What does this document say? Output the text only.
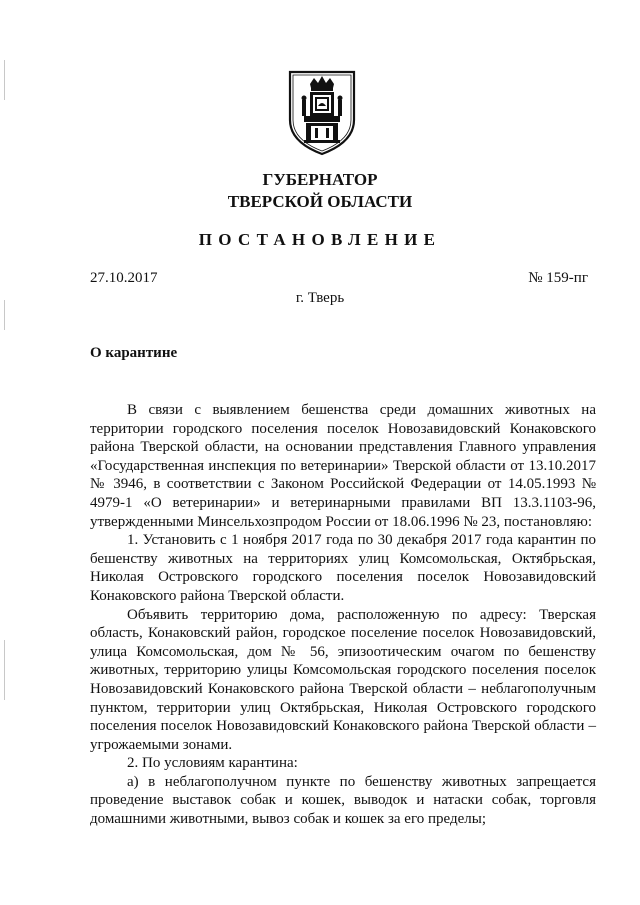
ГУБЕРНАТОР
ТВЕРСКОЙ ОБЛАСТИ
ПОСТАНОВЛЕНИЕ
27.10.2017	№ 159-пг
г. Тверь
О карантине

В связи с выявлением бешенства среди домашних животных на территории городского поселения поселок Новозавидовский Конаковского района Тверской области, на основании представления Главного управления «Государственная инспекция по ветеринарии» Тверской области от 13.10.2017 № 3946, в соответствии с Законом Российской Федерации от 14.05.1993 № 4979-1 «О ветеринарии» и ветеринарными правилами ВП 13.3.1103-96, утвержденными Минсельхозпродом России от 18.06.1996 № 23, постановляю:

1. Установить с 1 ноября 2017 года по 30 декабря 2017 года карантин по бешенству животных на территориях улиц Комсомольская, Октябрьская, Николая Островского городского поселения поселок Новозавидовский Конаковского района Тверской области.

Объявить территорию дома, расположенную по адресу: Тверская область, Конаковский район, городское поселение поселок Новозавидовский, улица Комсомольская, дом № 56, эпизоотическим очагом по бешенству животных, территорию улицы Комсомольская городского поселения поселок Новозавидовский Конаковского района Тверской области – неблагополучным пунктом, территории улиц Октябрьская, Николая Островского городского поселения поселок Новозавидовский Конаковского района Тверской области – угрожаемыми зонами.

2. По условиям карантина:

а) в неблагополучном пункте по бешенству животных запрещается проведение выставок собак и кошек, выводок и натаски собак, торговля домашними животными, вывоз собак и кошек за его пределы;
